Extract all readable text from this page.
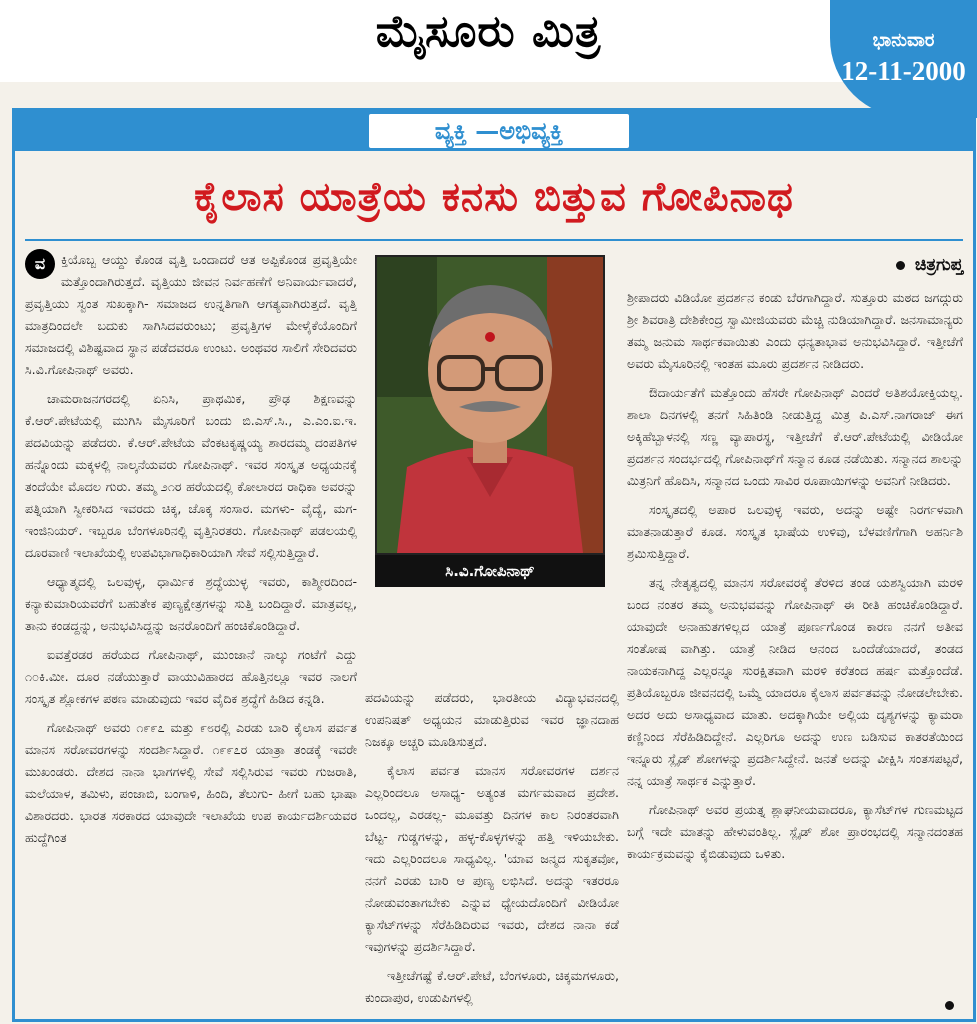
ಮೈಸೂರು ಮಿತ್ರ	ಭಾನುವಾರ
12-11-2000
ವ್ಯಕ್ತಿ —ಅಭಿವ್ಯಕ್ತಿ
ಕೈಲಾಸ ಯಾತ್ರೆಯ ಕನಸು ಬಿತ್ತುವ ಗೋಪಿನಾಥ

ವ	ಕ್ತಿಯೊಬ್ಬ ಆಯ್ದು ಕೊಂಡ ವೃತ್ತಿ ಒಂದಾದರೆ ಆತ ಅಪ್ಪಿಕೊಂಡ ಪ್ರವೃತ್ತಿಯೇ ಮತ್ತೊಂದಾಗಿರುತ್ತದೆ. ವೃತ್ತಿಯು ಜೀವನ ನಿರ್ವಹಣೆಗೆ ಅನಿವಾರ್ಯವಾದರೆ, ಪ್ರವೃತ್ತಿಯು ಸ್ವಂತ ಸುಖಕ್ಕಾಗಿ- ಸಮಾಜದ ಉನ್ನತಿಗಾಗಿ ಆಗತ್ಯವಾಗಿರುತ್ತದೆ. ವೃತ್ತಿ ಮಾತ್ರದಿಂದಲೇ ಬದುಕು ಸಾಗಿಸಿದವರುಂಟು; ಪ್ರವೃತ್ತಿಗಳ ಮೇಳೈಕೆಯೊಂದಿಗೆ ಸಮಾಜದಲ್ಲಿ ವಿಶಿಷ್ಟವಾದ ಸ್ಥಾನ ಪಡೆದವರೂ ಉಂಟು. ಅಂಥವರ ಸಾಲಿಗೆ ಸೇರಿದವರು ಸಿ.ವಿ.ಗೋಪಿನಾಥ್ ಅವರು.

ಚಾಮರಾಜನಗರದಲ್ಲಿ ಏನಿಸಿ, ಪ್ರಾಥಮಿಕ, ಪ್ರೌಢ ಶಿಕ್ಷಣವನ್ನು ಕೆ.ಆರ್.ಪೇಟೆಯಲ್ಲಿ ಮುಗಿಸಿ ಮೈಸೂರಿಗೆ ಬಂದು ಬಿ.ಎಸ್.ಸಿ., ಎ.ಎಂ.ಐ.ಇ. ಪದವಿಯನ್ನು ಪಡೆದರು. ಕೆ.ಆರ್.ಪೇಟೆಯ ವೆಂಕಟಕೃಷ್ಣಯ್ಯ ಶಾರದಮ್ಮ ದಂಪತಿಗಳ ಹನ್ನೊಂದು ಮಕ್ಕಳಲ್ಲಿ ನಾಲ್ಕನೆಯವರು ಗೋಪಿನಾಥ್. ಇವರ ಸಂಸ್ಕೃತ ಅಧ್ಯಯನಕ್ಕೆ ತಂದೆಯೇ ಮೊದಲ ಗುರು. ತಮ್ಮ ೨೧ರ ಹರೆಯದಲ್ಲಿ ಕೋಲಾರದ ರಾಧಿಕಾ ಅವರನ್ನು ಪತ್ನಿಯಾಗಿ ಸ್ವೀಕರಿಸಿದ ಇವರದು ಚಿಕ್ಕ, ಚೊಕ್ಕ ಸಂಸಾರ. ಮಗಳು- ವೈದ್ಯೆ, ಮಗ- ಇಂಜಿನಿಯರ್. ಇಬ್ಬರೂ ಬೆಂಗಳೂರಿನಲ್ಲಿ ವೃತ್ತಿನಿರತರು. ಗೋಪಿನಾಥ್ ಪಡಲಯಲ್ಲಿ ದೂರವಾಣಿ ಇಲಾಖೆಯಲ್ಲಿ ಉಪವಿಭಾಗಾಧಿಕಾರಿಯಾಗಿ ಸೇವೆ ಸಲ್ಲಿಸುತ್ತಿದ್ದಾರೆ.

ಆಧ್ಯಾತ್ಮದಲ್ಲಿ ಒಲವುಳ್ಳ, ಧಾರ್ಮಿಕ ಶ್ರದ್ಧೆಯುಳ್ಳ ಇವರು, ಕಾಶ್ಮೀರದಿಂದ- ಕನ್ಯಾಕುಮಾರಿಯವರೆಗೆ ಬಹುತೇಕ ಪುಣ್ಯಕ್ಷೇತ್ರಗಳನ್ನು ಸುತ್ತಿ ಬಂದಿದ್ದಾರೆ. ಮಾತ್ರವಲ್ಲ, ತಾನು ಕಂಡದ್ದನ್ನು, ಅನುಭವಿಸಿದ್ದನ್ನು ಜನರೊಂದಿಗೆ ಹಂಚಿಕೊಂಡಿದ್ದಾರೆ.

ಐವತ್ತೆರಡರ ಹರೆಯದ ಗೋಪಿನಾಥ್, ಮುಂಜಾನೆ ನಾಲ್ಕು ಗಂಟೆಗೆ ಎದ್ದು ೧೦ಕಿ.ಮೀ. ದೂರ ನಡೆಯುತ್ತಾರೆ ವಾಯುವಿಹಾರದ ಹೊತ್ತಿನಲ್ಲೂ ಇವರ ನಾಲಗೆ ಸಂಸ್ಕೃತ ಶ್ಲೋಕಗಳ ಪಠಣ ಮಾಡುವುದು ಇವರ ವೈದಿಕ ಶ್ರದ್ಧೆಗೆ ಹಿಡಿದ ಕನ್ನಡಿ.

ಗೋಪಿನಾಥ್ ಅವರು ೧೯೯೭ ಮತ್ತು ೯೮ರಲ್ಲಿ ಎರಡು ಬಾರಿ ಕೈಲಾಸ ಪರ್ವತ ಮಾನಸ ಸರೋವರಗಳನ್ನು ಸಂದರ್ಶಿಸಿದ್ದಾರೆ. ೧೯೯೭ರ ಯಾತ್ರಾ ತಂಡಕ್ಕೆ ಇವರೇ ಮುಖಂಡರು. ದೇಶದ ನಾನಾ ಭಾಗಗಳಲ್ಲಿ ಸೇವೆ ಸಲ್ಲಿಸಿರುವ ಇವರು ಗುಜರಾತಿ, ಮಲೆಯಾಳ, ತಮಿಳು, ಪಂಜಾಬಿ, ಬಂಗಾಳಿ, ಹಿಂದಿ, ತೆಲುಗು- ಹೀಗೆ ಬಹು ಭಾಷಾ ವಿಶಾರದರು. ಭಾರತ ಸರಕಾರದ ಯಾವುದೇ ಇಲಾಖೆಯ ಉಪ ಕಾರ್ಯದರ್ಶಿಯವರ ಹುದ್ದೆಗಿಂತ

ಸಿ.ವಿ.ಗೋಪಿನಾಥ್

ಪದವಿಯನ್ನು ಪಡೆದರು, ಭಾರತೀಯ ವಿದ್ಯಾಭವನದಲ್ಲಿ ಉಪನಿಷತ್ ಅಧ್ಯಯನ ಮಾಡುತ್ತಿರುವ ಇವರ ಜ್ಞಾನದಾಹ ನಿಜಕ್ಕೂ ಅಚ್ಚರಿ ಮೂಡಿಸುತ್ತದೆ.

ಕೈಲಾಸ ಪರ್ವತ ಮಾನಸ ಸರೋವರಗಳ ದರ್ಶನ ಎಲ್ಲರಿಂದಲೂ ಅಸಾಧ್ಯ- ಅತ್ಯಂತ ಮರ್ಗಮವಾದ ಪ್ರದೇಶ. ಒಂದಲ್ಲ, ಎರಡಲ್ಲ- ಮೂವತ್ತು ದಿನಗಳ ಕಾಲ ನಿರಂತರವಾಗಿ ಬೆಟ್ಟ- ಗುಡ್ಡಗಳನ್ನು, ಹಳ್ಳ-ಕೊಳ್ಳಗಳನ್ನು ಹತ್ತಿ ಇಳಿಯಬೇಕು. ಇದು ಎಲ್ಲರಿಂದಲೂ ಸಾಧ್ಯವಿಲ್ಲ. 'ಯಾವ ಜನ್ಮದ ಸುಕೃತವೋ, ನನಗೆ ಎರಡು ಬಾರಿ ಆ ಪುಣ್ಯ ಲಭಿಸಿದೆ. ಅದನ್ನು ಇತರರೂ ನೋಡುವಂತಾಗಬೇಕು ಎನ್ನುವ ಧ್ಯೇಯದೊಂದಿಗೆ ವೀಡಿಯೋ ಕ್ಯಾಸೆಟ್‌ಗಳನ್ನು ಸೆರೆಹಿಡಿದಿರುವ ಇವರು, ದೇಶದ ನಾನಾ ಕಡೆ ಇವುಗಳನ್ನು ಪ್ರದರ್ಶಿಸಿದ್ದಾರೆ.

ಇತ್ತೀಚೆಗಷ್ಟೆ ಕೆ.ಆರ್.ಪೇಟೆ, ಬೆಂಗಳೂರು, ಚಿಕ್ಕಮಗಳೂರು, ಕುಂದಾಪುರ, ಉಡುಪಿಗಳಲ್ಲಿ

ಚಿತ್ರಗುಪ್ತ

ಶ್ರೀಪಾದರು ವಿಡಿಯೋ ಪ್ರದರ್ಶನ ಕಂಡು ಬೆರಗಾಗಿದ್ದಾರೆ. ಸುತ್ತೂರು ಮಠದ ಜಗದ್ಗುರು ಶ್ರೀ ಶಿವರಾತ್ರಿ ದೇಶಿಕೇಂದ್ರ ಸ್ವಾಮೀಜಿಯವರು ಮೆಚ್ಚಿ ನುಡಿಯಾಗಿದ್ದಾರೆ. ಜನಸಾಮಾನ್ಯರು ತಮ್ಮ ಜನುಮ ಸಾರ್ಥಕವಾಯಿತು ಎಂದು ಧನ್ಯತಾಭಾವ ಅನುಭವಿಸಿದ್ದಾರೆ. ಇತ್ತೀಚೆಗೆ ಅವರು ಮೈಸೂರಿನಲ್ಲಿ ಇಂತಹ ಮೂರು ಪ್ರದರ್ಶನ ನೀಡಿದರು.

ಔದಾರ್ಯತೆಗೆ ಮತ್ತೊಂದು ಹೆಸರೇ ಗೋಪಿನಾಥ್ ಎಂದರೆ ಅತಿಶಯೋಕ್ತಿಯಲ್ಲ. ಶಾಲಾ ದಿನಗಳಲ್ಲಿ ತನಗೆ ಸಿಹಿತಿಂಡಿ ನೀಡುತ್ತಿದ್ದ ಮಿತ್ರ ಪಿ.ಎಸ್.ನಾಗರಾಜ್ ಈಗ ಅಕ್ಕಿಹೆಬ್ಬಾಳನಲ್ಲಿ ಸಣ್ಣ ವ್ಯಾಪಾರಸ್ಥ, ಇತ್ತೀಚೆಗೆ ಕೆ.ಆರ್.ಪೇಟೆಯಲ್ಲಿ ವೀಡಿಯೋ ಪ್ರದರ್ಶನ ಸಂದರ್ಭದಲ್ಲಿ ಗೋಪಿನಾಥ್‌ಗೆ ಸನ್ಮಾನ ಕೂಡ ನಡೆಯಿತು. ಸನ್ಮಾನದ ಶಾಲನ್ನು ಮಿತ್ರನಿಗೆ ಹೊದಿಸಿ, ಸನ್ಮಾನದ ಒಂದು ಸಾವಿರ ರೂಪಾಯಿಗಳನ್ನು ಅವನಿಗೆ ನೀಡಿದರು.

ಸಂಸ್ಕೃತದಲ್ಲಿ ಅಪಾರ ಒಲವುಳ್ಳ ಇವರು, ಅದನ್ನು ಅಷ್ಟೇ ನಿರರ್ಗಳವಾಗಿ ಮಾತನಾಡುತ್ತಾರೆ ಕೂಡ. ಸಂಸ್ಕೃತ ಭಾಷೆಯ ಉಳಿವು, ಬೆಳವಣಿಗೆಗಾಗಿ ಅಹರ್ನಿಶಿ ಶ್ರಮಿಸುತ್ತಿದ್ದಾರೆ.

ತನ್ನ ನೇತೃತ್ವದಲ್ಲಿ ಮಾನಸ ಸರೋವರಕ್ಕೆ ತೆರಳಿದ ತಂಡ ಯಶಸ್ವಿಯಾಗಿ ಮರಳಿ ಬಂದ ನಂತರ ತಮ್ಮ ಅನುಭವವನ್ನು ಗೋಪಿನಾಥ್ ಈ ರೀತಿ ಹಂಚಿಕೊಂಡಿದ್ದಾರೆ. ಯಾವುದೇ ಅನಾಹುತಗಳಿಲ್ಲದ ಯಾತ್ರೆ ಪೂರ್ಣಗೊಂಡ ಕಾರಣ ನನಗೆ ಅತೀವ ಸಂತೋಷ ವಾಗಿತ್ತು. ಯಾತ್ರೆ ನೀಡಿದ ಆನಂದ ಒಂದೆಡೆಯಾದರೆ, ತಂಡದ ನಾಯಕನಾಗಿದ್ದ ಎಲ್ಲರನ್ನೂ ಸುರಕ್ಷಿತವಾಗಿ ಮರಳಿ ಕರೆತಂದ ಹರ್ಷ ಮತ್ತೊಂದೆಡೆ. ಪ್ರತಿಯೊಬ್ಬರೂ ಜೀವನದಲ್ಲಿ ಒಮ್ಮೆ ಯಾದರೂ ಕೈಲಾಸ ಪರ್ವತವನ್ನು ನೋಡಲೇಬೇಕು. ಅದರ ಅದು ಅಸಾಧ್ಯವಾದ ಮಾತು. ಅದಕ್ಕಾಗಿಯೇ ಅಲ್ಲಿಯ ದೃಶ್ಯಗಳನ್ನು ಕ್ಯಾಮರಾ ಕಣ್ಣಿನಿಂದ ಸೆರೆಹಿಡಿದಿದ್ದೇನೆ. ಎಲ್ಲರಿಗೂ ಅದನ್ನು ಉಣ ಬಡಿಸುವ ಕಾತರತೆಯಿಂದ ಇನ್ನೂರು ಸ್ಲೈಡ್ ಶೋಗಳನ್ನು ಪ್ರದರ್ಶಿಸಿದ್ದೇನೆ. ಜನತೆ ಅದನ್ನು ವೀಕ್ಷಿಸಿ ಸಂತಸಪಟ್ಟರೆ, ನನ್ನ ಯಾತ್ರೆ ಸಾರ್ಥಕ ಎನ್ನುತ್ತಾರೆ.

ಗೋಪಿನಾಥ್ ಅವರ ಪ್ರಯತ್ನ ಶ್ಲಾಘನೀಯವಾದರೂ, ಕ್ಯಾಸೆಟ್‌ಗಳ ಗುಣಮಟ್ಟದ ಬಗ್ಗೆ ಇದೇ ಮಾತನ್ನು ಹೇಳುವಂತಿಲ್ಲ. ಸ್ಲೈಡ್ ಶೋ ಪ್ರಾರಂಭದಲ್ಲಿ ಸನ್ಮಾನದಂತಹ ಕಾರ್ಯಕ್ರಮವನ್ನು ಕೈಬಿಡುವುದು ಒಳಿತು.
